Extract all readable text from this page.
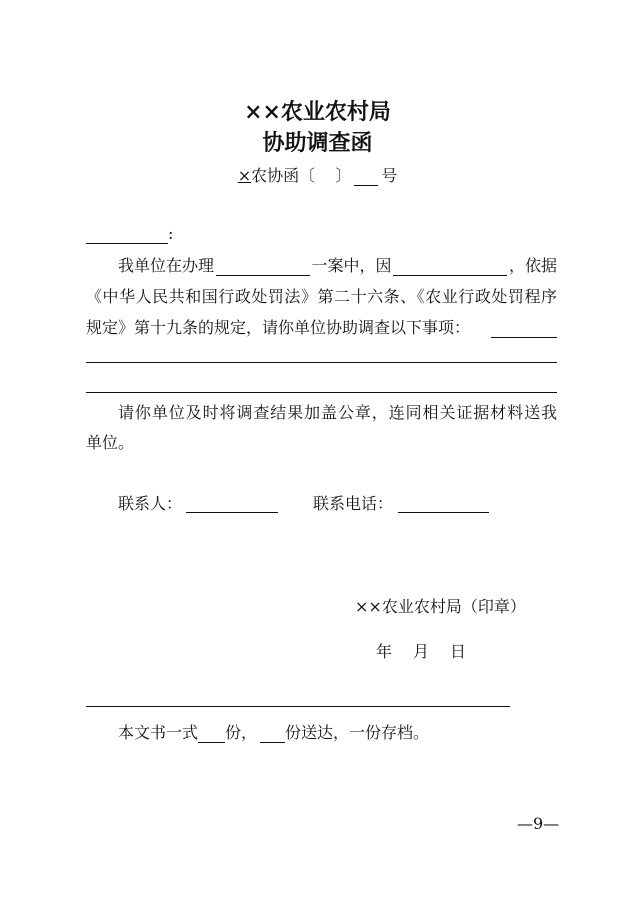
××农业农村局
协助调查函
× 农协函〔 〕 号
:
我单位在办理	一案中，因	，依据
《中华人民共和国行政处罚法》第二十六条、《农业行政处罚程序
规定》第十九条的规定，请你单位协助调查以下事项：
请你单位及时将调查结果加盖公章，连同相关证据材料送我
单位。
联系人：	联系电话：
××农业农村局（印章）
年 月 日
本文书一式 份， 份送达，一份存档。
—9—
